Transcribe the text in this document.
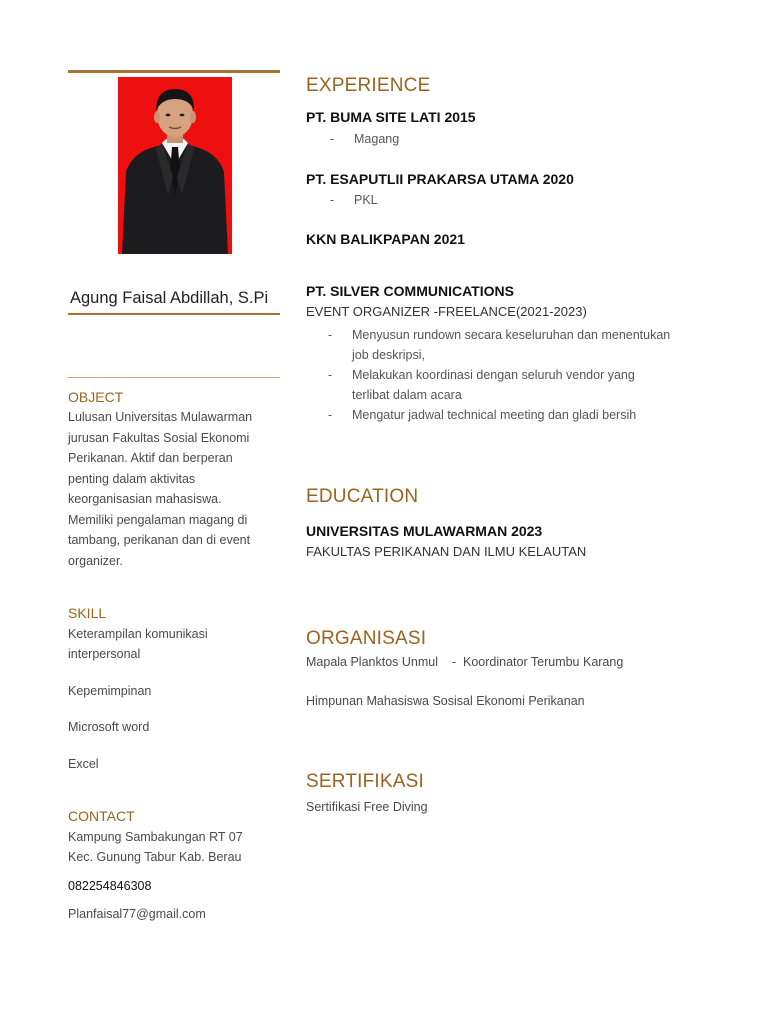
Agung Faisal Abdillah, S.Pi
OBJECT
Lulusan Universitas Mulawarman
jurusan Fakultas Sosial Ekonomi
Perikanan. Aktif dan berperan
penting dalam aktivitas
keorganisasian mahasiswa.
Memiliki pengalaman magang di
tambang, perikanan dan di event
organizer.
SKILL
Keterampilan komunikasi
interpersonal
Kepemimpinan
Microsoft word
Excel
CONTACT
Kampung Sambakungan RT 07
Kec. Gunung Tabur Kab. Berau
082254846308
Planfaisal77@gmail.com
EXPERIENCE
PT. BUMA SITE LATI 2015
- Magang
PT. ESAPUTLII PRAKARSA UTAMA 2020
- PKL
KKN BALIKPAPAN 2021
PT. SILVER COMMUNICATIONS
EVENT ORGANIZER -FREELANCE(2021-2023)
- Menyusun rundown secara keseluruhan dan menentukan
job deskripsi,
- Melakukan koordinasi dengan seluruh vendor yang
terlibat dalam acara
- Mengatur jadwal technical meeting dan gladi bersih
EDUCATION
UNIVERSITAS MULAWARMAN 2023
FAKULTAS PERIKANAN DAN ILMU KELAUTAN
ORGANISASI
Mapala Planktos Unmul    -  Koordinator Terumbu Karang
Himpunan Mahasiswa Sosisal Ekonomi Perikanan
SERTIFIKASI
Sertifikasi Free Diving
